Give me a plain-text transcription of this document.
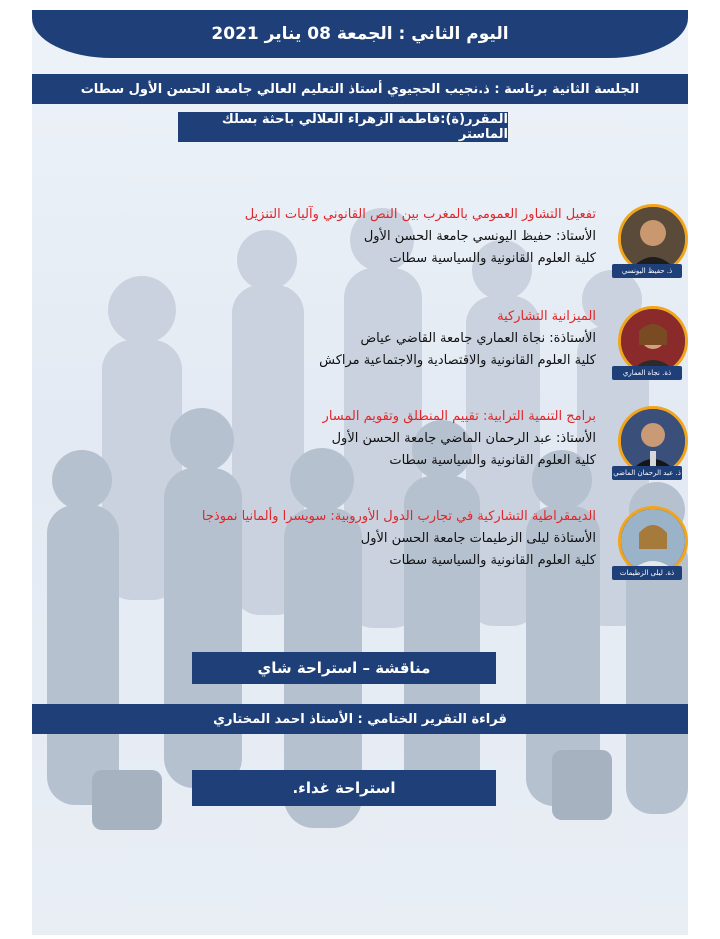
اليوم الثاني : الجمعة 08 يناير 2021
الجلسة الثانية برئاسة : ذ.نجيب الحجيوي أستاذ التعليم العالي جامعة الحسن الأول سطات
المقرر(ة):فاطمة الزهراء العلالي باحثة بسلك الماستر
ذ. حفيظ اليونسي
تفعيل التشاور العمومي بالمغرب بين النص القانوني وآليات التنزيل
الأستاذ: حفيظ اليونسي جامعة الحسن الأول
كلية العلوم القانونية والسياسية سطات
ذة. نجاة العماري
الميزانية التشاركية
الأستاذة: نجاة العماري جامعة القاضي عياض
كلية العلوم القانونية والاقتصادية والاجتماعية مراكش
ذ. عبد الرحمان الماضي
برامج التنمية الترابية: تقييم المنطلق وتقويم المسار
الأستاذ: عبد الرحمان الماضي جامعة الحسن الأول
كلية العلوم القانونية والسياسية سطات
ذة. ليلى الزطيمات
الديمقراطية التشاركية في تجارب الدول الأوروبية: سويسرا وألمانيا نموذجا
الأستاذة ليلى الزطيمات جامعة الحسن الأول
كلية العلوم القانونية والسياسية سطات
مناقشة – استراحة شاي
قراءة التقرير الختامي : الأستاذ احمد المختاري
استراحة غداء.
